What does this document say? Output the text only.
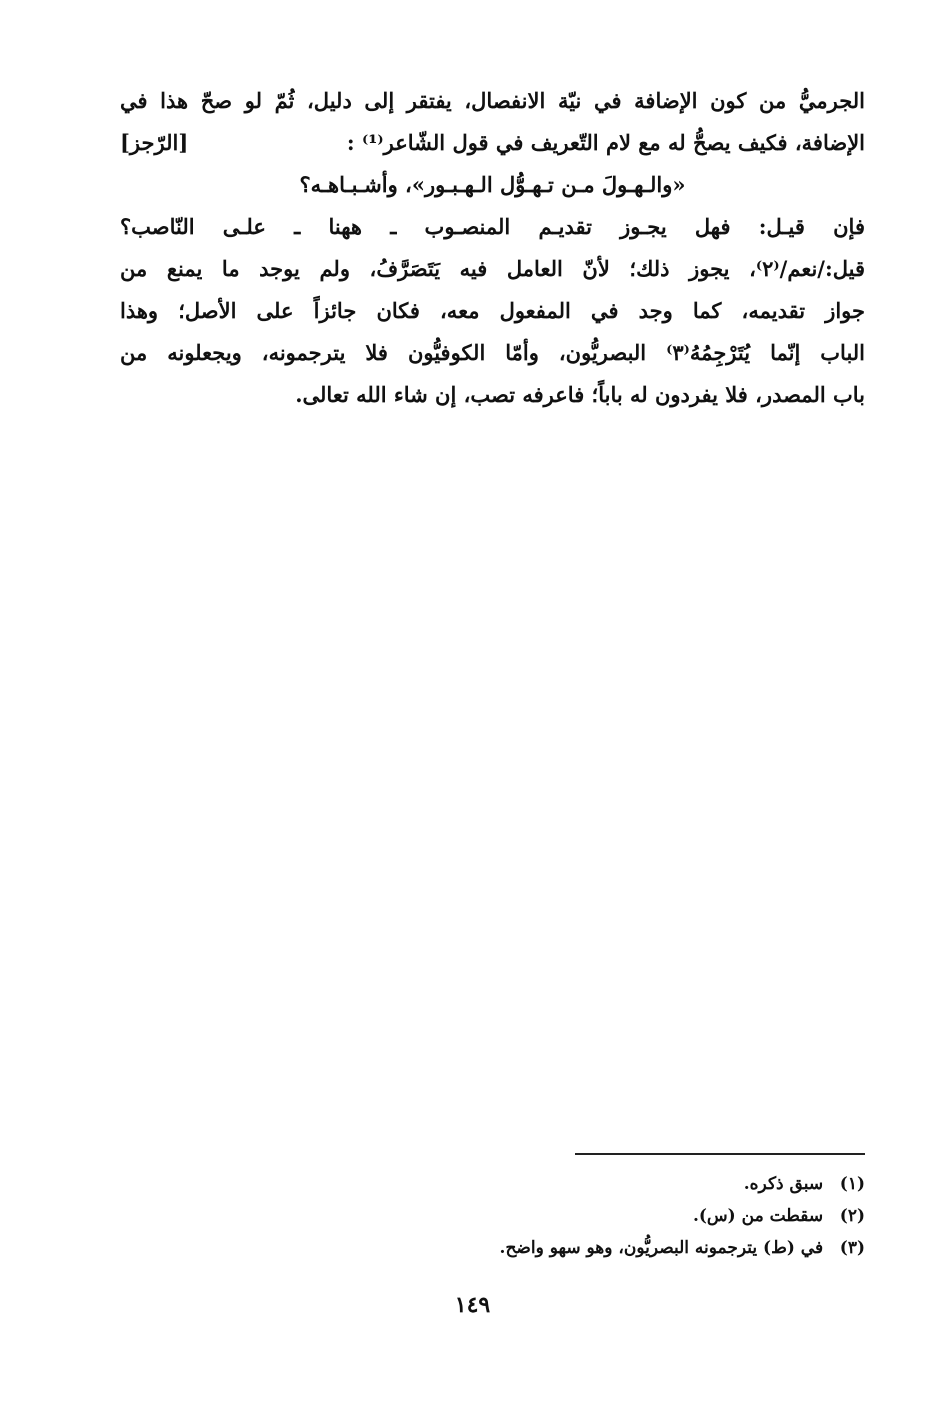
الجرميُّ من كون الإضافة في نيّة الانفصال، يفتقر إلى دليل، ثُمّ لو صحّ هذا في
الإضافة، فكيف يصحُّ له مع لام التّعريف في قول الشّاعر⁽¹⁾ :
[الرّجز]
«والـهـولَ مـن تـهـوُّل الـهـبـور»، وأشـبـاهـه؟
فإن قيـل: فهل يجـوز تقديـم المنصـوب ـ ههنا ـ علـى النّاصب؟
قيل:/نعم/⁽٢⁾، يجوز ذلك؛ لأنّ العامل فيه يَتَصَرَّفُ، ولم يوجد ما يمنع من
جواز تقديمه، كما وجد في المفعول معه، فكان جائزاً على الأصل؛ وهذا
الباب إنّما يُتَرْجِمُهُ⁽٣⁾ البصريُّون، وأمّا الكوفيُّون فلا يترجمونه، ويجعلونه من
باب المصدر، فلا يفردون له باباً؛ فاعرفه تصب، إن شاء الله تعالى.
(١) سبق ذكره.
(٢) سقطت من (س).
(٣) في (ط) يترجمونه البصريُّون، وهو سهو واضح.
١٤٩
